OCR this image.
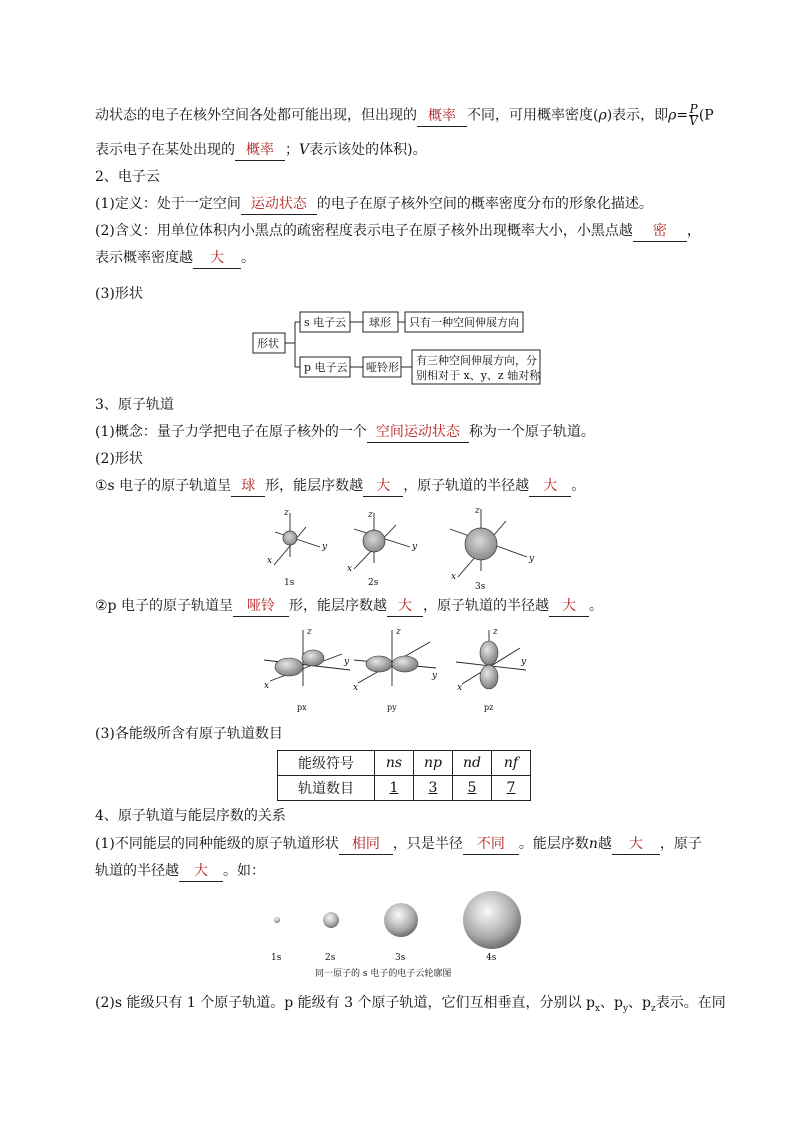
动状态的电子在核外空间各处都可能出现，但出现的 概率 不同，可用概率密度(ρ)表示，即$\rho= \frac{P}{V} (P$
表示电子在某处出现的 概率 ；V表示该处的体积)。
2、电子云
(1)定义：处于一定空间 运动状态 的电子在原子核外空间的概率密度分布的形象化描述。
(2)含义：用单位体积内小黑点的疏密程度表示电子在原子核外出现概率大小，小黑点越 密 ，
表示概率密度越 大 。
(3)形状
形状
s 电子云 球形 只有一种空间伸展方向
p 电子云 哑铃形
有三种空间伸展方向，分
别相对于 x、y、z 轴对称
3、原子轨道
(1)概念：量子力学把电子在原子核外的一个 空间运动状态 称为一个原子轨道。
(2)形状
①s 电子的原子轨道呈 球 形，能层序数越 大 ，原子轨道的半径越 大 。
z
y
x
z
y
x
z
y
x
1s	2s	3s
②p 电子的原子轨道呈 哑铃 形，能层序数越 大 ，原子轨道的半径越 大 。
z
y
x
z
y
x
z
y
x
px	py	pz
(3)各能级所含有原子轨道数目
能级符号	ns	np	nd	nf
轨道数目	1	3	5	7
4、原子轨道与能层序数的关系
(1)不同能层的同种能级的原子轨道形状 相同 ，只是半径 不同 。能层序数n越 大 ，原子
轨道的半径越 大 。如：
1s	2s	3s	4s
同一原子的 s 电子的电子云轮廓图
(2)s 能级只有 1 个原子轨道。p 能级有 3 个原子轨道，它们互相垂直，分别以 $p_x$、$p_y$、$p_z$表示。在同
